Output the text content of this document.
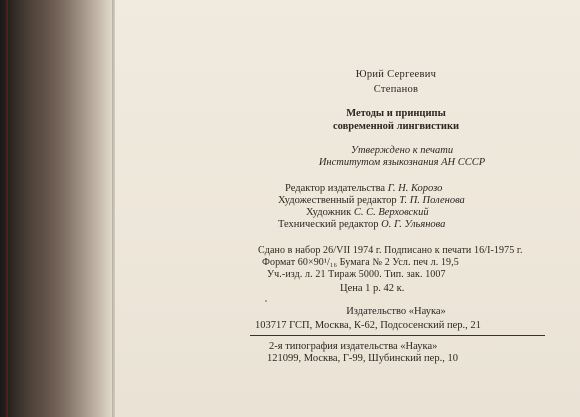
Юрий Сергеевич
Степанов
Методы и принципы
современной лингвистики
Утверждено к печати
Институтом языкознания АН СССР
Редактор издательства Г. Н. Корозо
Художественный редактор Т. П. Поленова
Художник С. С. Верховский
Технический редактор О. Г. Ульянова
Сдано в набор 26/VII 1974 г. Подписано к печати 16/I-1975 г.
Формат 60×90¹/₁₆ Бумага № 2 Усл. печ л. 19,5
Уч.-изд. л. 21 Тираж 5000. Тип. зак. 1007
Цена 1 р. 42 к.
Издательство «Наука»
103717 ГСП, Москва, К-62, Подсосенский пер., 21
2-я типография издательства «Наука»
121099, Москва, Г-99, Шубинский пер., 10
